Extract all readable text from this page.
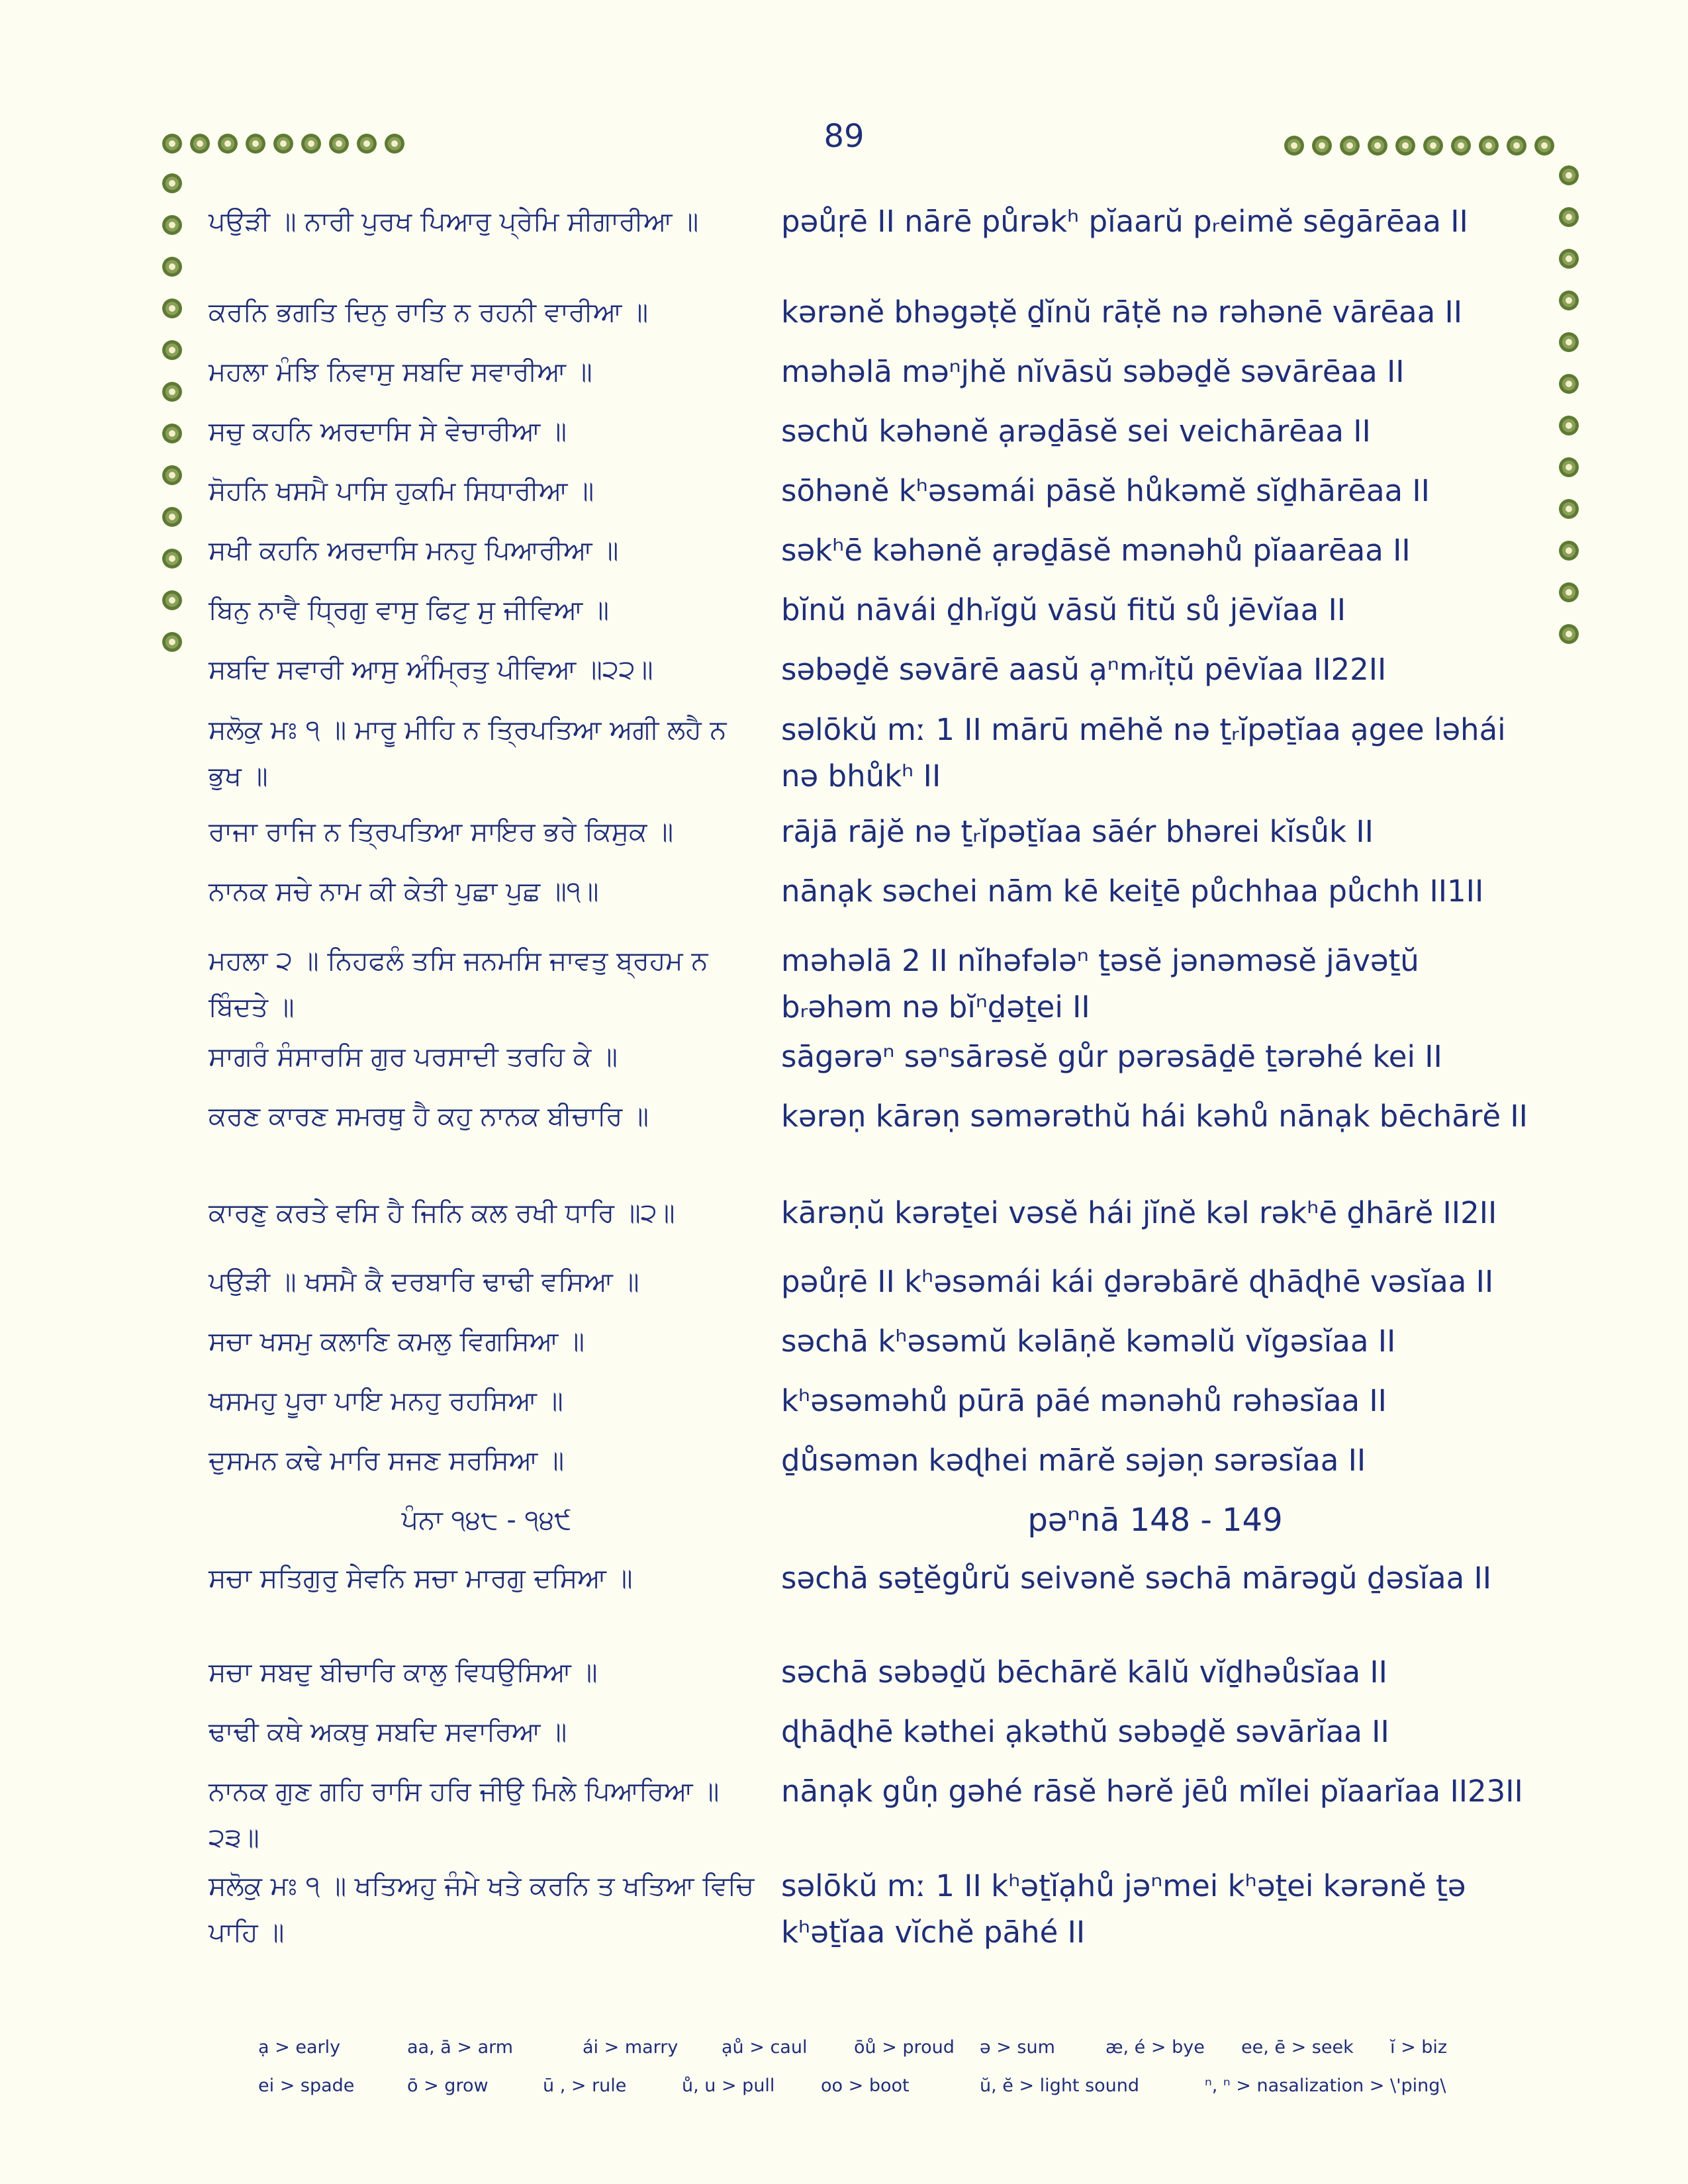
89
ਪਉੜੀ ॥ ਨਾਰੀ ਪੁਰਖ ਪਿਆਰੁ ਪ੍ਰੇਮਿ ਸੀਗਾਰੀਆ ॥	pəůṛē II nārē půrəkʰ pĭaarŭ pᵣeimĕ sēgārēaa II
ਕਰਨਿ ਭਗਤਿ ਦਿਨੁ ਰਾਤਿ ਨ ਰਹਨੀ ਵਾਰੀਆ ॥	kərənĕ bhəgəṭĕ ḏĭnŭ rāṭĕ nə rəhənē vārēaa II
ਮਹਲਾ ਮੰਝਿ ਨਿਵਾਸੁ ਸਬਦਿ ਸਵਾਰੀਆ ॥	məhəlā məⁿjhĕ nĭvāsŭ səbəḏĕ səvārēaa II
ਸਚੁ ਕਹਨਿ ਅਰਦਾਸਿ ਸੇ ਵੇਚਾਰੀਆ ॥	səchŭ kəhənĕ ạrəḏāsĕ sei veichārēaa II
ਸੋਹਨਿ ਖਸਮੈ ਪਾਸਿ ਹੁਕਮਿ ਸਿਧਾਰੀਆ ॥	sōhənĕ kʰəsəmái pāsĕ hůkəmĕ sĭḏhārēaa II
ਸਖੀ ਕਹਨਿ ਅਰਦਾਸਿ ਮਨਹੁ ਪਿਆਰੀਆ ॥	səkʰē kəhənĕ ạrəḏāsĕ mənəhů pĭaarēaa II
ਬਿਨੁ ਨਾਵੈ ਧ੍ਰਿਗੁ ਵਾਸੁ ਫਿਟੁ ਸੁ ਜੀਵਿਆ ॥	bĭnŭ nāvái ḏhᵣĭgŭ vāsŭ fitŭ sů jēvĭaa II
ਸਬਦਿ ਸਵਾਰੀ ਆਸੁ ਅੰਮ੍ਰਿਤੁ ਪੀਵਿਆ ॥੨੨॥	səbəḏĕ səvārē aasŭ ạⁿmᵣĭṭŭ pēvĭaa II22II
ਸਲੋਕੁ ਮਃ ੧ ॥ ਮਾਰੂ ਮੀਹਿ ਨ ਤ੍ਰਿਪਤਿਆ ਅਗੀ ਲਹੈ ਨ ਭੁਖ ॥
səlōkŭ mː 1 II mārū mēhĕ nə ṯᵣĭpəṯĭaa ạgee ləhái nə bhůkʰ II
ਰਾਜਾ ਰਾਜਿ ਨ ਤ੍ਰਿਪਤਿਆ ਸਾਇਰ ਭਰੇ ਕਿਸੁਕ ॥	rājā rājĕ nə ṯᵣĭpəṯĭaa sāér bhərei kĭsůk II
ਨਾਨਕ ਸਚੇ ਨਾਮ ਕੀ ਕੇਤੀ ਪੁਛਾ ਪੁਛ ॥੧॥	nānạk səchei nām kē keiṯē půchhaa půchh II1II
ਮਹਲਾ ੨ ॥ ਨਿਹਫਲੰ ਤਸਿ ਜਨਮਸਿ ਜਾਵਤੁ ਬ੍ਰਹਮ ਨ ਬਿੰਦਤੇ ॥
məhəlā 2 II nĭhəfələⁿ ṯəsĕ jənəməsĕ jāvəṯŭ bᵣəhəm nə bĭⁿḏəṯei II
ਸਾਗਰੰ ਸੰਸਾਰਸਿ ਗੁਰ ਪਰਸਾਦੀ ਤਰਹਿ ਕੇ ॥	sāgərəⁿ səⁿsārəsĕ gůr pərəsāḏē ṯərəhé kei II
ਕਰਣ ਕਾਰਣ ਸਮਰਥੁ ਹੈ ਕਹੁ ਨਾਨਕ ਬੀਚਾਰਿ ॥	kərəṇ kārəṇ səmərəthŭ hái kəhů nānạk bēchārĕ II
ਕਾਰਣੁ ਕਰਤੇ ਵਸਿ ਹੈ ਜਿਨਿ ਕਲ ਰਖੀ ਧਾਰਿ ॥੨॥	kārəṇŭ kərəṯei vəsĕ hái jĭnĕ kəl rəkʰē ḏhārĕ II2II
ਪਉੜੀ ॥ ਖਸਮੈ ਕੈ ਦਰਬਾਰਿ ਢਾਢੀ ਵਸਿਆ ॥	pəůṛē II kʰəsəmái kái ḏərəbārĕ ɖhāɖhē vəsĭaa II
ਸਚਾ ਖਸਮੁ ਕਲਾਣਿ ਕਮਲੁ ਵਿਗਸਿਆ ॥	səchā kʰəsəmŭ kəlāṇĕ kəməlŭ vĭgəsĭaa II
ਖਸਮਹੁ ਪੂਰਾ ਪਾਇ ਮਨਹੁ ਰਹਸਿਆ ॥	kʰəsəməhů pūrā pāé mənəhů rəhəsĭaa II
ਦੁਸਮਨ ਕਢੇ ਮਾਰਿ ਸਜਣ ਸਰਸਿਆ ॥	ḏůsəmən kəɖhei mārĕ səjəṇ sərəsĭaa II
ਪੰਨਾ ੧੪੮ - ੧੪੯	pəⁿnā 148 - 149
ਸਚਾ ਸਤਿਗੁਰੁ ਸੇਵਨਿ ਸਚਾ ਮਾਰਗੁ ਦਸਿਆ ॥	səchā səṯĕgůrŭ seivənĕ səchā mārəgŭ ḏəsĭaa II
ਸਚਾ ਸਬਦੁ ਬੀਚਾਰਿ ਕਾਲੁ ਵਿਧਉਸਿਆ ॥	səchā səbəḏŭ bēchārĕ kālŭ vĭḏhəůsĭaa II
ਢਾਢੀ ਕਥੇ ਅਕਥੁ ਸਬਦਿ ਸਵਾਰਿਆ ॥	ɖhāɖhē kəthei ạkəthŭ səbəḏĕ səvārĭaa II
ਨਾਨਕ ਗੁਣ ਗਹਿ ਰਾਸਿ ਹਰਿ ਜੀਉ ਮਿਲੇ ਪਿਆਰਿਆ ॥੨੩॥
nānạk gůṇ gəhé rāsĕ hərĕ jēů mĭlei pĭaarĭaa II23II
ਸਲੋਕੁ ਮਃ ੧ ॥ ਖਤਿਅਹੁ ਜੰਮੇ ਖਤੇ ਕਰਨਿ ਤ ਖਤਿਆ ਵਿਚਿ ਪਾਹਿ ॥
səlōkŭ mː 1 II kʰəṯĭạhů jəⁿmei kʰəṯei kərənĕ ṯə kʰəṯĭaa vĭchĕ pāhé II
ạ > early	aa, ā > arm	ái > marry ạů > caul	ōů > proud ə > sum	æ, é > bye ee, ē > seek ĭ > biz
ei > spade	ō > grow	ū , > rule	ů, u > pull	oo > boot	ŭ, ĕ > light sound	ⁿ, ⁿ > nasalization > \'ping\
